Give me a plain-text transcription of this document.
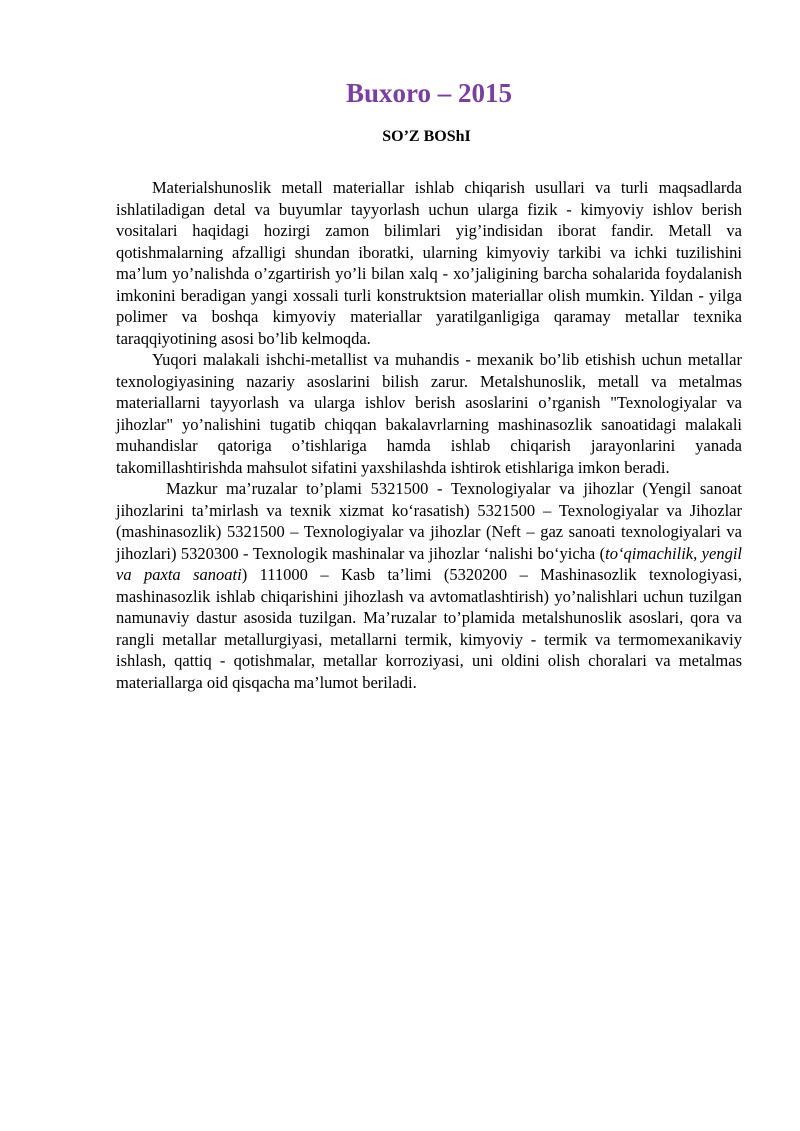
Buxoro – 2015
SO’Z BOShI

Materialshunoslik metall materiallar ishlab chiqarish usullari va turli maqsadlarda ishlatiladigan detal va buyumlar tayyorlash uchun ularga fizik - kimyoviy ishlov berish vositalari haqidagi hozirgi zamon bilimlari yig’indisidan iborat fandir. Metall va qotishmalarning afzalligi shundan iboratki, ularning kimyoviy tarkibi va ichki tuzilishini ma’lum yo’nalishda o’zgartirish yo’li bilan xalq - xo’jaligining barcha sohalarida foydalanish imkonini beradigan yangi xossali turli konstruktsion materiallar olish mumkin. Yildan - yilga polimer va boshqa kimyoviy materiallar yaratilganligiga qaramay metallar texnika taraqqiyotining asosi bo’lib kelmoqda.

Yuqori malakali ishchi-metallist va muhandis - mexanik bo’lib etishish uchun metallar texnologiyasining nazariy asoslarini bilish zarur. Metalshunoslik, metall va metalmas materiallarni tayyorlash va ularga ishlov berish asoslarini o’rganish "Texnologiyalar va jihozlar" yo’nalishini tugatib chiqqan bakalavrlarning mashinasozlik sanoatidagi malakali muhandislar qatoriga o’tishlariga hamda ishlab chiqarish jarayonlarini yanada takomillashtirishda mahsulot sifatini yaxshilashda ishtirok etishlariga imkon beradi.

Mazkur ma’ruzalar to’plami 5321500 - Texnologiyalar va jihozlar (Yengil sanoat jihozlarini ta’mirlash va texnik xizmat ko‘rasatish) 5321500 – Texnologiyalar va Jihozlar (mashinasozlik) 5321500 – Texnologiyalar va jihozlar (Neft – gaz sanoati texnologiyalari va jihozlari) 5320300 - Texnologik mashinalar va jihozlar ‘nalishi bo‘yicha (to‘qimachilik, yengil va paxta sanoati) 111000 – Kasb ta’limi (5320200 – Mashinasozlik texnologiyasi, mashinasozlik ishlab chiqarishini jihozlash va avtomatlashtirish) yo’nalishlari uchun tuzilgan namunaviy dastur asosida tuzilgan. Ma’ruzalar to’plamida metalshunoslik asoslari, qora va rangli metallar metallurgiyasi, metallarni termik, kimyoviy - termik va termomexanikaviy ishlash, qattiq - qotishmalar, metallar korroziyasi, uni oldini olish choralari va metalmas materiallarga oid qisqacha ma’lumot beriladi.
